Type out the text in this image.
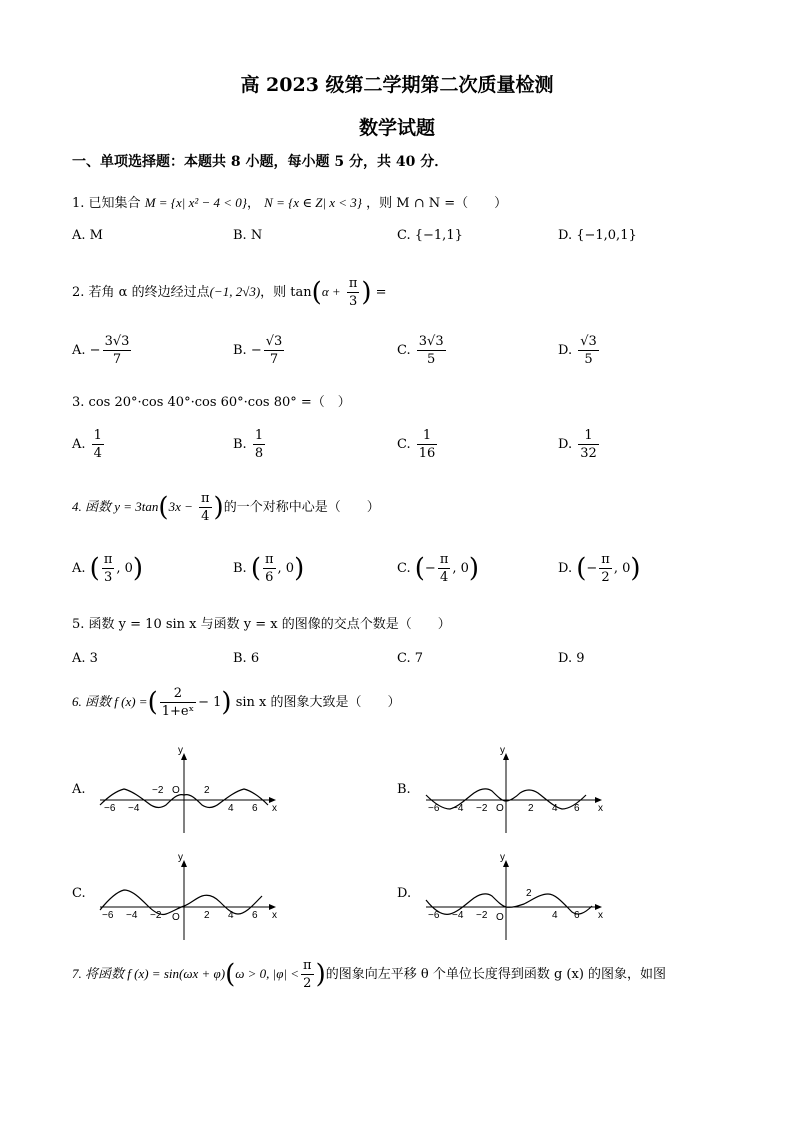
高 2023 级第二学期第二次质量检测
数学试题
一、单项选择题：本题共 8 小题，每小题 5 分，共 40 分．
1. 已知集合 M = {x| x² − 4 < 0}， N = {x ∈ Z| x < 3} ，则 M ∩ N =（　　）
A. M	B. N	C. {−1,1}	D. {−1,0,1}
2. 若角 α 的终边经过点(−1, 2√3)，则 $\tan(\alpha + \frac{\pi}{3}$ ) =
A. − $\frac{3√3}{7}$	B. − $\frac{√3}{7}$	C. $\frac{3√3}{5}$	D. $\frac{√3}{5}$
3. cos 20°·cos 40°·cos 60°·cos 80° =（　）
A. $\frac{1}{4}$	B. $\frac{1}{8}$	C. $\frac{1}{16}$	D. $\frac{1}{32}$
4. 函数 $y = 3\tan(3x - \frac{\pi}{4}$ )的一个对称中心是（　　）
A. ( $\frac{\pi}{3}$ , 0)	B. ( $\frac{\pi}{6}$ , 0)	C. (− $\frac{\pi}{4}$ , 0)	D. (− $\frac{\pi}{2}$ , 0)
5. 函数 y = 10 sin x 与函数 y = x 的图像的交点个数是（　　）
A. 3	B. 6	C. 7	D. 9
6. 函数 f (x) =( $\frac{2}{\text{1+eˣ}} - 1$) sin x 的图象大致是（　　）
A.
y
x
O
−6 −4
−2	2
4 6
B.
y
x
O
−6 −4 −2	2 4 6
C.
y
x
O
−6 −4 −2	2 4 6
D.
y
x
O
−6 −4 −2
2
4 6
7. 将函数 f (x) = sin(ωx + φ)(ω > 0, $|\varphi| < \frac{\pi}{2}$ )的图象向左平移 θ 个单位长度得到函数 g (x) 的图象，如图
